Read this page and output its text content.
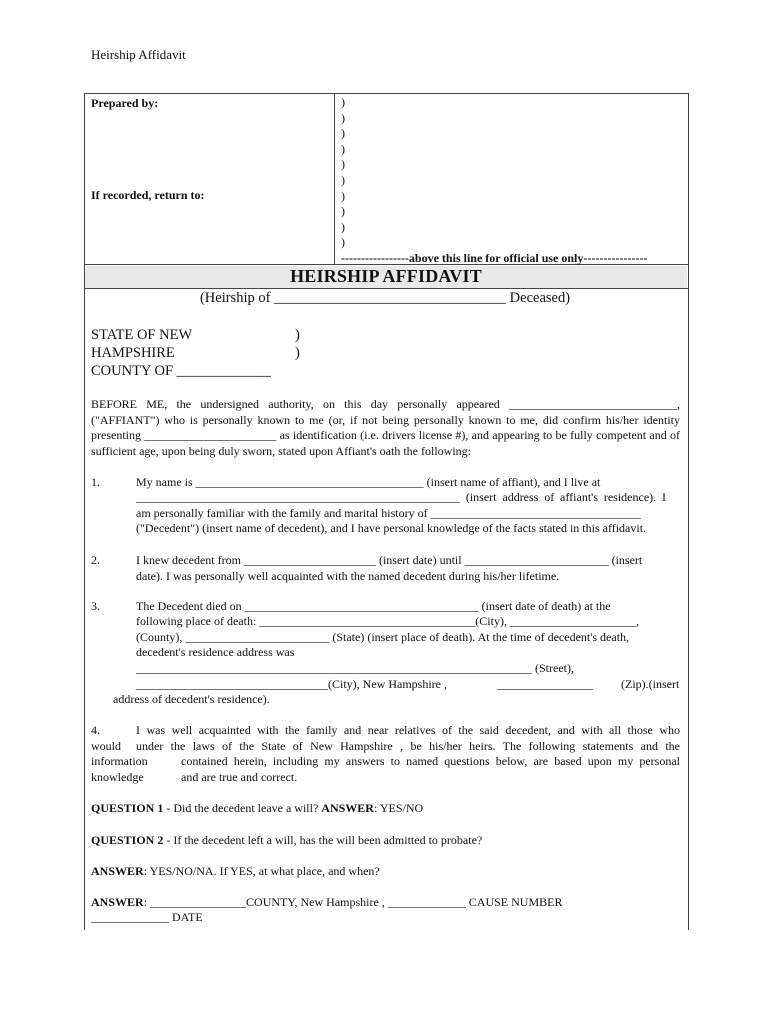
Heirship Affidavit
Prepared by:
If recorded, return to:
)
)
)
)
)
)
)
)
)
)
-----------------above this line for official use only----------------
HEIRSHIP AFFIDAVIT
(Heirship of ________________________________ Deceased)
STATE OF NEW
HAMPSHIRE
COUNTY OF _____________
)
)
BEFORE ME, the undersigned authority, on this day personally appeared ____________________________,
("AFFIANT") who is personally known to me (or, if not being personally known to me, did confirm his/her identity
presenting ______________________ as identification (i.e. drivers license #), and appearing to be fully competent and of
sufficient age, upon being duly sworn, stated upon Affiant's oath the following:
1.	My name is ______________________________________ (insert name of affiant), and I live at
______________________________________________________ (insert address of affiant's residence). I
am personally familiar with the family and marital history of ___________________________________
("Decedent") (insert name of decedent), and I have personal knowledge of the facts stated in this affidavit.
2.	I knew decedent from ______________________ (insert date) until ________________________ (insert
date). I was personally well acquainted with the named decedent during his/her lifetime.
3.	The Decedent died on _______________________________________ (insert date of death) at the
following place of death: ____________________________________(City), _____________________,
(County), ________________________ (State) (insert place of death). At the time of decedent's death,
decedent's residence address was
__________________________________________________________________ (Street),
________________________________(City), New Hampshire ,	________________ (Zip).(insert
address of decedent's residence).
4.	I was well acquainted with the family and near relatives of the said decedent, and with all those who
would under the laws of the State of New Hampshire , be his/her heirs. The following statements and the
information	contained herein, including my answers to named questions below, are based upon my personal
knowledge	and are true and correct.
QUESTION 1 - Did the decedent leave a will? ANSWER: YES/NO
QUESTION 2 - If the decedent left a will, has the will been admitted to probate?
ANSWER: YES/NO/NA. If YES, at what place, and when?
ANSWER: ________________COUNTY, New Hampshire , _____________ CAUSE NUMBER
_____________ DATE
